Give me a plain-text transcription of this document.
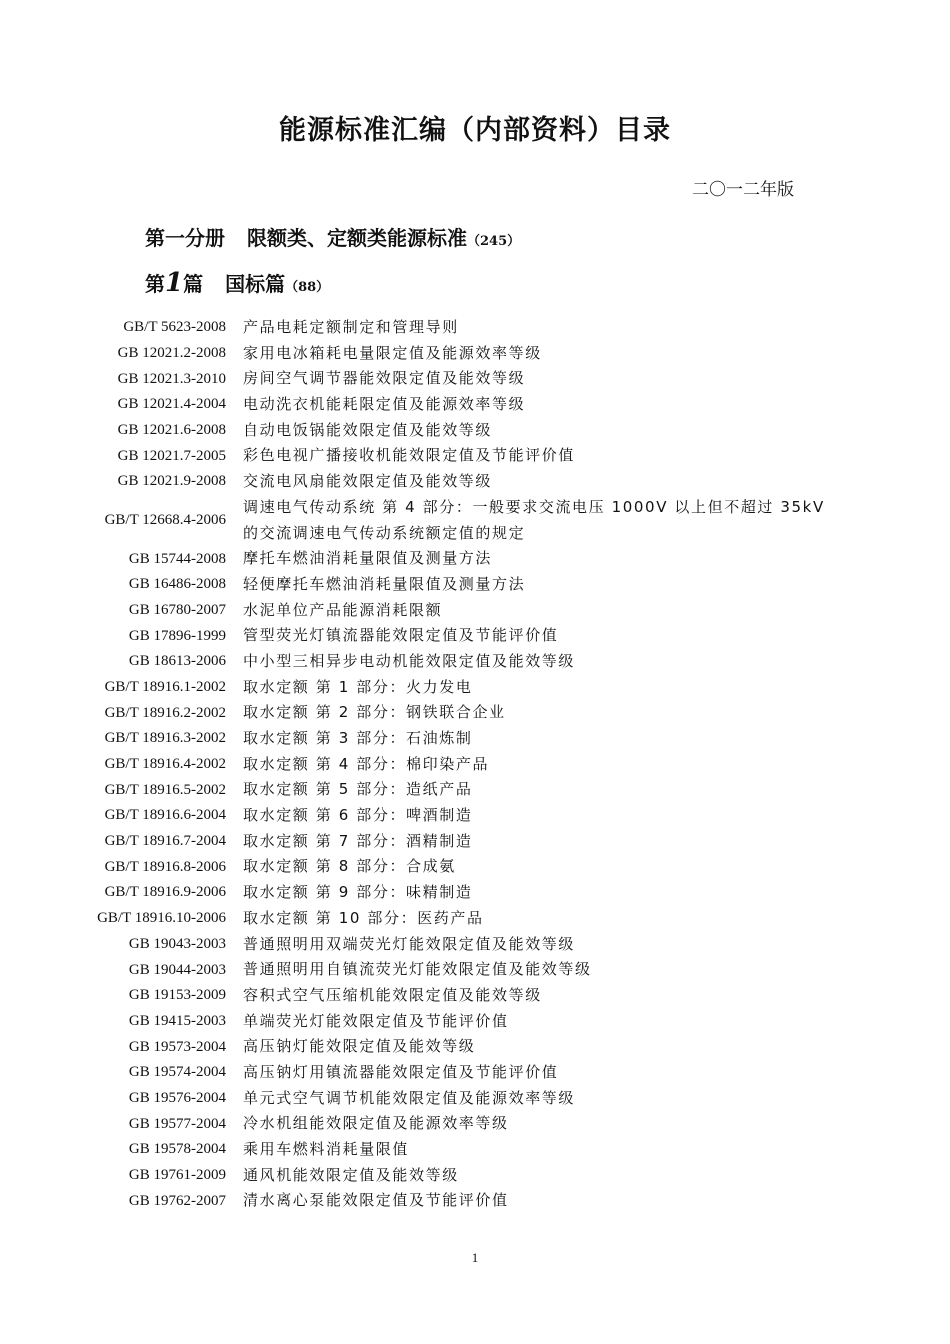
能源标准汇编（内部资料）目录
二〇一二年版
第一分册 限额类、定额类能源标准（245）
第1篇 国标篇（88）
GB/T 5623-2008	产品电耗定额制定和管理导则
GB 12021.2-2008	家用电冰箱耗电量限定值及能源效率等级
GB 12021.3-2010	房间空气调节器能效限定值及能效等级
GB 12021.4-2004	电动洗衣机能耗限定值及能源效率等级
GB 12021.6-2008	自动电饭锅能效限定值及能效等级
GB 12021.7-2005	彩色电视广播接收机能效限定值及节能评价值
GB 12021.9-2008	交流电风扇能效限定值及能效等级
GB/T 12668.4-2006
调速电气传动系统 第 4 部分：一般要求交流电压 1000V 以上但不超过 35kV 的交流调速电气传动系统额定值的规定
GB 15744-2008	摩托车燃油消耗量限值及测量方法
GB 16486-2008	轻便摩托车燃油消耗量限值及测量方法
GB 16780-2007	水泥单位产品能源消耗限额
GB 17896-1999	管型荧光灯镇流器能效限定值及节能评价值
GB 18613-2006	中小型三相异步电动机能效限定值及能效等级
GB/T 18916.1-2002	取水定额 第 1 部分：火力发电
GB/T 18916.2-2002	取水定额 第 2 部分：钢铁联合企业
GB/T 18916.3-2002	取水定额 第 3 部分：石油炼制
GB/T 18916.4-2002	取水定额 第 4 部分：棉印染产品
GB/T 18916.5-2002	取水定额 第 5 部分：造纸产品
GB/T 18916.6-2004	取水定额 第 6 部分：啤酒制造
GB/T 18916.7-2004	取水定额 第 7 部分：酒精制造
GB/T 18916.8-2006	取水定额 第 8 部分：合成氨
GB/T 18916.9-2006	取水定额 第 9 部分：味精制造
GB/T 18916.10-2006	取水定额 第 10 部分：医药产品
GB 19043-2003	普通照明用双端荧光灯能效限定值及能效等级
GB 19044-2003	普通照明用自镇流荧光灯能效限定值及能效等级
GB 19153-2009	容积式空气压缩机能效限定值及能效等级
GB 19415-2003	单端荧光灯能效限定值及节能评价值
GB 19573-2004	高压钠灯能效限定值及能效等级
GB 19574-2004	高压钠灯用镇流器能效限定值及节能评价值
GB 19576-2004	单元式空气调节机能效限定值及能源效率等级
GB 19577-2004	冷水机组能效限定值及能源效率等级
GB 19578-2004	乘用车燃料消耗量限值
GB 19761-2009	通风机能效限定值及能效等级
GB 19762-2007	清水离心泵能效限定值及节能评价值
1
